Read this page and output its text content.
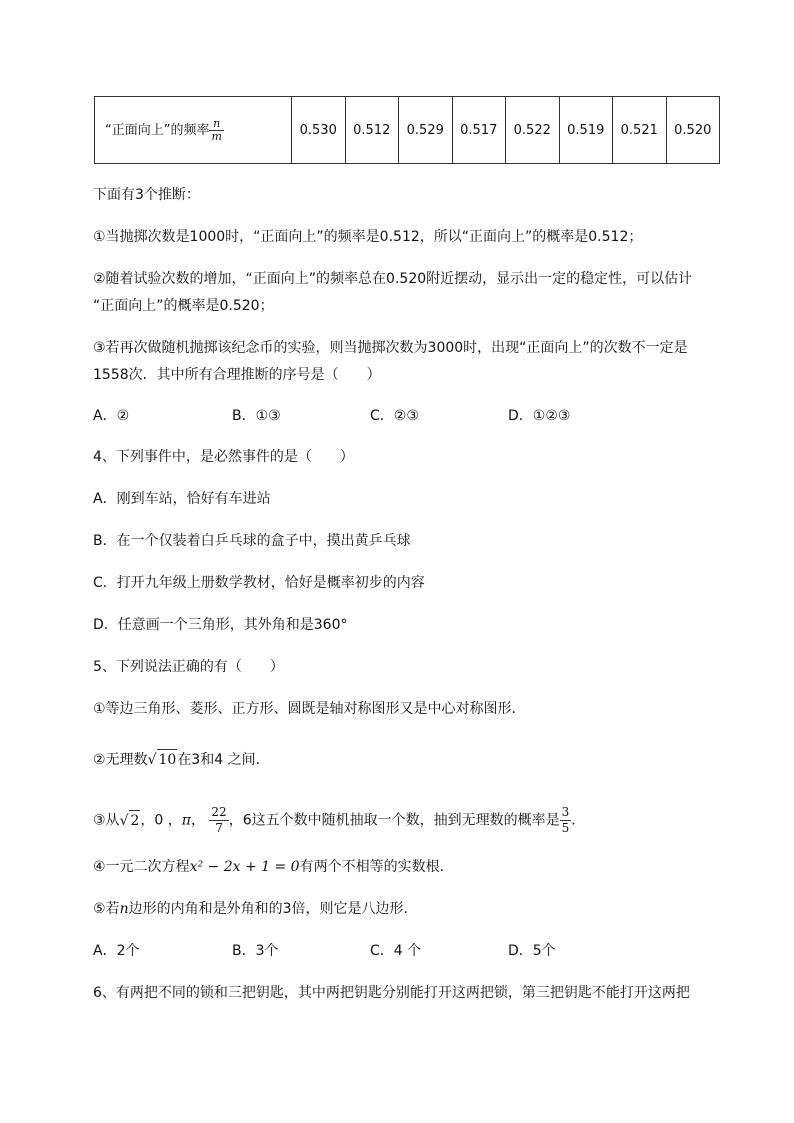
“正面向上”的频率 $\frac{n}{m}$	0.530	0.512	0.529	0.517	0.522	0.519	0.521	0.520
下面有3个推断：
①当抛掷次数是1000时，“正面向上”的频率是0.512，所以“正面向上”的概率是0.512；
②随着试验次数的增加，“正面向上”的频率总在0.520附近摆动，显示出一定的稳定性，可以估计
“正面向上”的概率是0.520；
③若再次做随机抛掷该纪念币的实验，则当抛掷次数为3000时，出现“正面向上”的次数不一定是
1558次．其中所有合理推断的序号是（　　）
A．②	B．①③	C．②③	D．①②③
4、下列事件中，是必然事件的是（　　）
A．刚到车站，恰好有车进站
B．在一个仅装着白乒乓球的盒子中，摸出黄乒乓球
C．打开九年级上册数学教材，恰好是概率初步的内容
D．任意画一个三角形，其外角和是360°
5、下列说法正确的有（　　）
①等边三角形、菱形、正方形、圆既是轴对称图形又是中心对称图形．
②无理数√ 10在3和4 之间．
③从√ 2，0 ，π， $\frac{22}{7}$ ，6这五个数中随机抽取一个数，抽到无理数的概率是 $\frac{3}{5}$ ．
④一元二次方程x² − 2x + 1 = 0有两个不相等的实数根．
⑤若n边形的内角和是外角和的3倍，则它是八边形．
A．2个	B．3个	C．4 个	D．5个
6、有两把不同的锁和三把钥匙，其中两把钥匙分别能打开这两把锁，第三把钥匙不能打开这两把
